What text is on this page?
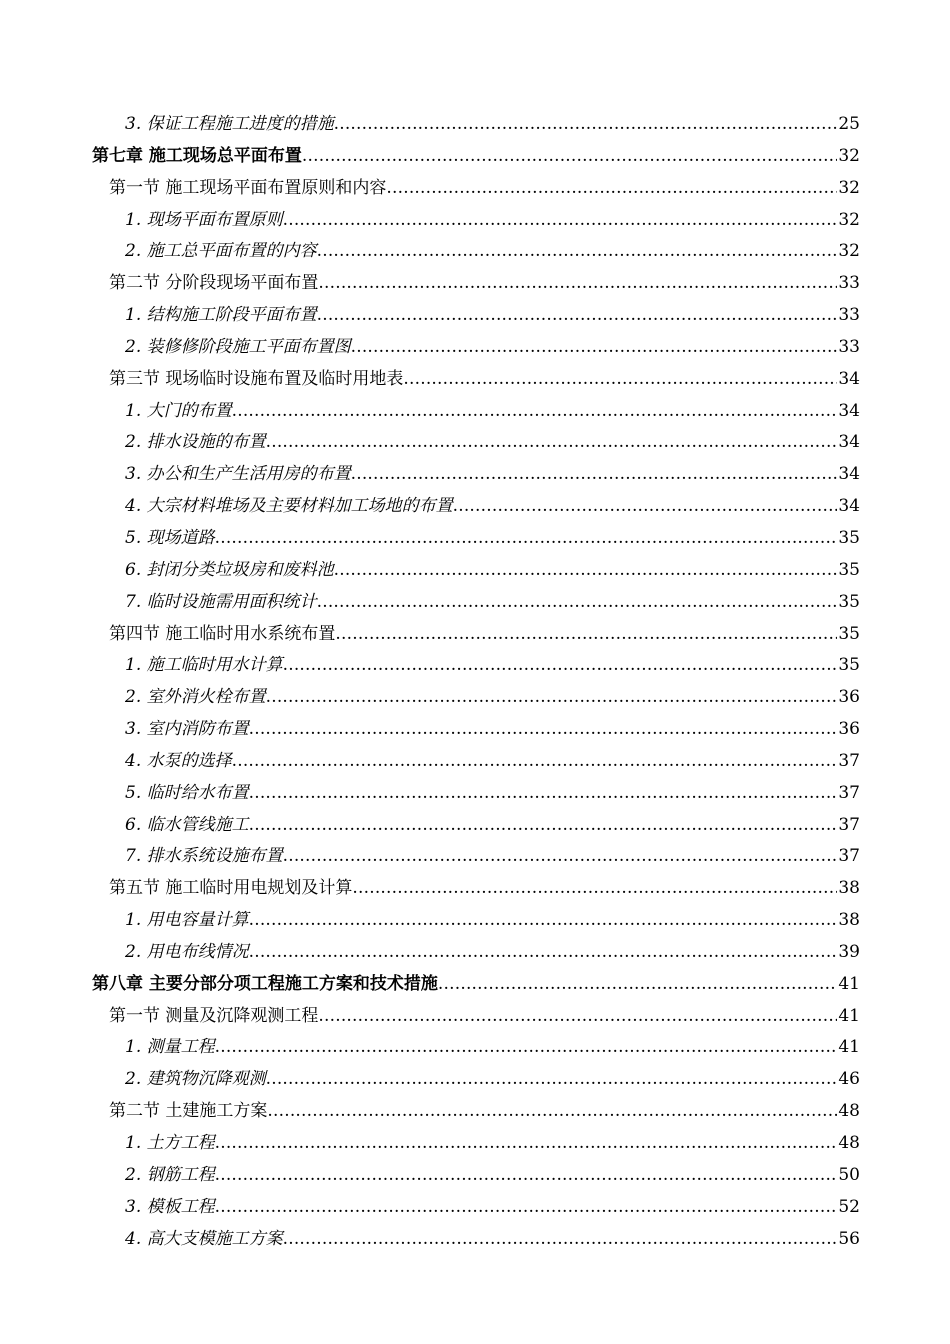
3. 保证工程施工进度的措施 .....	25
第七章 施工现场总平面布置 .....	32
第一节 施工现场平面布置原则和内容 .....	32
1. 现场平面布置原则 .....	32
2. 施工总平面布置的内容 .....	32
第二节 分阶段现场平面布置 .....	33
1. 结构施工阶段平面布置 .....	33
2. 装修修阶段施工平面布置图 .....	33
第三节 现场临时设施布置及临时用地表 .....	34
1. 大门的布置 .....	34
2. 排水设施的布置 .....	34
3. 办公和生产生活用房的布置 .....	34
4. 大宗材料堆场及主要材料加工场地的布置 .....	34
5. 现场道路 .....	35
6. 封闭分类垃圾房和废料池 .....	35
7. 临时设施需用面积统计 .....	35
第四节 施工临时用水系统布置 .....	35
1. 施工临时用水计算 .....	35
2. 室外消火栓布置 .....	36
3. 室内消防布置 .....	36
4. 水泵的选择 .....	37
5. 临时给水布置 .....	37
6. 临水管线施工 .....	37
7. 排水系统设施布置 .....	37
第五节 施工临时用电规划及计算 .....	38
1. 用电容量计算 .....	38
2. 用电布线情况 .....	39
第八章 主要分部分项工程施工方案和技术措施 .....	41
第一节 测量及沉降观测工程 .....	41
1. 测量工程 .....	41
2. 建筑物沉降观测 .....	46
第二节 土建施工方案 .....	48
1. 土方工程 .....	48
2. 钢筋工程 .....	50
3. 模板工程 .....	52
4. 高大支模施工方案 .....	56
